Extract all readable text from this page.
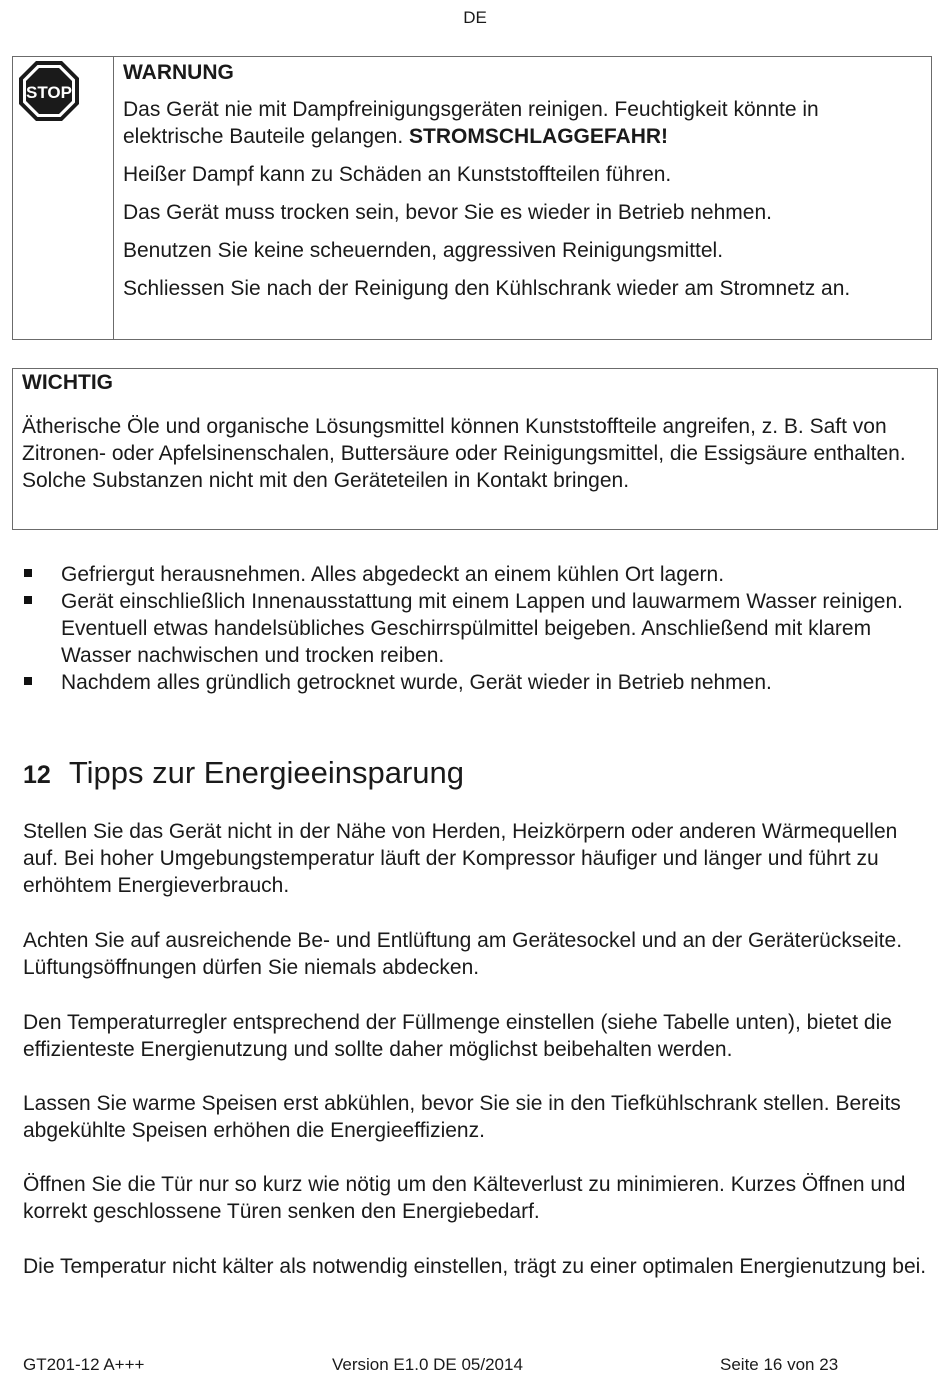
DE
STOP
WARNUNG

Das Gerät nie mit Dampfreinigungsgeräten reinigen. Feuchtigkeit könnte in elektrische Bauteile gelangen. STROMSCHLAGGEFAHR!

Heißer Dampf kann zu Schäden an Kunststoffteilen führen.

Das Gerät muss trocken sein, bevor Sie es wieder in Betrieb nehmen.

Benutzen Sie keine scheuernden, aggressiven Reinigungsmittel.

Schliessen Sie nach der Reinigung den Kühlschrank wieder am Stromnetz an.

WICHTIG

Ätherische Öle und organische Lösungsmittel können Kunststoffteile angreifen, z. B. Saft von Zitronen- oder Apfelsinenschalen, Buttersäure oder Reinigungsmittel, die Essigsäure enthalten. Solche Substanzen nicht mit den Geräteteilen in Kontakt bringen.

Gefriergut herausnehmen. Alles abgedeckt an einem kühlen Ort lagern.
Gerät einschließlich Innenausstattung mit einem Lappen und lauwarmem Wasser reinigen. Eventuell etwas handelsübliches Geschirrspülmittel beigeben. Anschließend mit klarem Wasser nachwischen und trocken reiben.
Nachdem alles gründlich getrocknet wurde, Gerät wieder in Betrieb nehmen.
12 Tipps zur Energieeinsparung

Stellen Sie das Gerät nicht in der Nähe von Herden, Heizkörpern oder anderen Wärmequellen auf. Bei hoher Umgebungstemperatur läuft der Kompressor häufiger und länger und führt zu erhöhtem Energieverbrauch.

Achten Sie auf ausreichende Be- und Entlüftung am Gerätesockel und an der Geräterückseite. Lüftungsöffnungen dürfen Sie niemals abdecken.

Den Temperaturregler entsprechend der Füllmenge einstellen (siehe Tabelle unten), bietet die effizienteste Energienutzung und sollte daher möglichst beibehalten werden.

Lassen Sie warme Speisen erst abkühlen, bevor Sie sie in den Tiefkühlschrank stellen. Bereits abgekühlte Speisen erhöhen die Energieeffizienz.

Öffnen Sie die Tür nur so kurz wie nötig um den Kälteverlust zu minimieren. Kurzes Öffnen und korrekt geschlossene Türen senken den Energiebedarf.

Die Temperatur nicht kälter als notwendig einstellen, trägt zu einer optimalen Energienutzung bei.

GT201-12 A+++	Version E1.0 DE 05/2014	Seite 16 von 23
